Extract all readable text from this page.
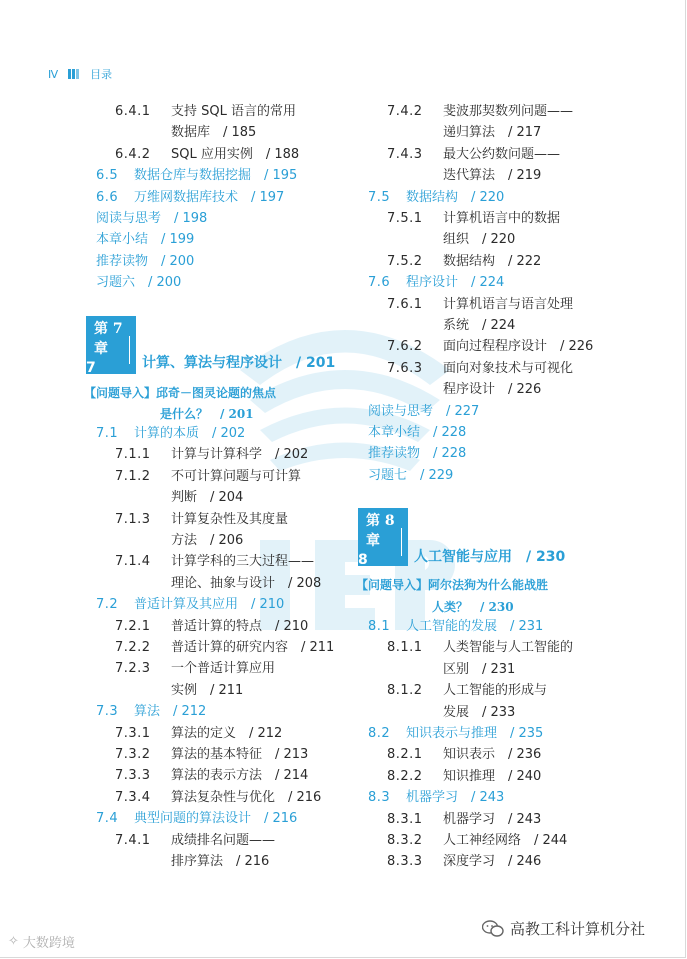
Ⅳ	目录
6.4.1 支持 SQL 语言的常用
数据库　/ 185
6.4.2 SQL 应用实例　/ 188
6.5 数据仓库与数据挖掘　/ 195
6.6 万维网数据库技术　/ 197
阅读与思考　/ 198
本章小结　/ 199
推荐读物　/ 200
习题六　/ 200
7.1 计算的本质　/ 202
7.1.1 计算与计算科学　/ 202
7.1.2 不可计算问题与可计算
判断　/ 204
7.1.3 计算复杂性及其度量
方法　/ 206
7.1.4 计算学科的三大过程——
理论、抽象与设计　/ 208
7.2 普适计算及其应用　/ 210
7.2.1 普适计算的特点　/ 210
7.2.2 普适计算的研究内容　/ 211
7.2.3 一个普适计算应用
实例　/ 211
7.3 算法　/ 212
7.3.1 算法的定义　/ 212
7.3.2 算法的基本特征　/ 213
7.3.3 算法的表示方法　/ 214
7.3.4 算法复杂性与优化　/ 216
7.4 典型问题的算法设计　/ 216
7.4.1 成绩排名问题——
排序算法　/ 216
第 7 章
7	计算、算法与程序设计　/ 201
【问题导入】邱奇－图灵论题的焦点
是什么？　/ 201
7.4.2 斐波那契数列问题——
递归算法　/ 217
7.4.3 最大公约数问题——
迭代算法　/ 219
7.5 数据结构　/ 220
7.5.1 计算机语言中的数据
组织　/ 220
7.5.2 数据结构　/ 222
7.6 程序设计　/ 224
7.6.1 计算机语言与语言处理
系统　/ 224
7.6.2 面向过程程序设计　/ 226
7.6.3 面向对象技术与可视化
程序设计　/ 226
阅读与思考　/ 227
本章小结　/ 228
推荐读物　/ 228
习题七　/ 229
8.1 人工智能的发展　/ 231
8.1.1 人类智能与人工智能的
区别　/ 231
8.1.2 人工智能的形成与
发展　/ 233
8.2 知识表示与推理　/ 235
8.2.1 知识表示　/ 236
8.2.2 知识推理　/ 240
8.3 机器学习　/ 243
8.3.1 机器学习　/ 243
8.3.2 人工神经网络　/ 244
8.3.3 深度学习　/ 246
第 8 章
8	人工智能与应用　/ 230
【问题导入】阿尔法狗为什么能战胜
人类？　/ 230
✧ 大数跨境
高教工科计算机分社
